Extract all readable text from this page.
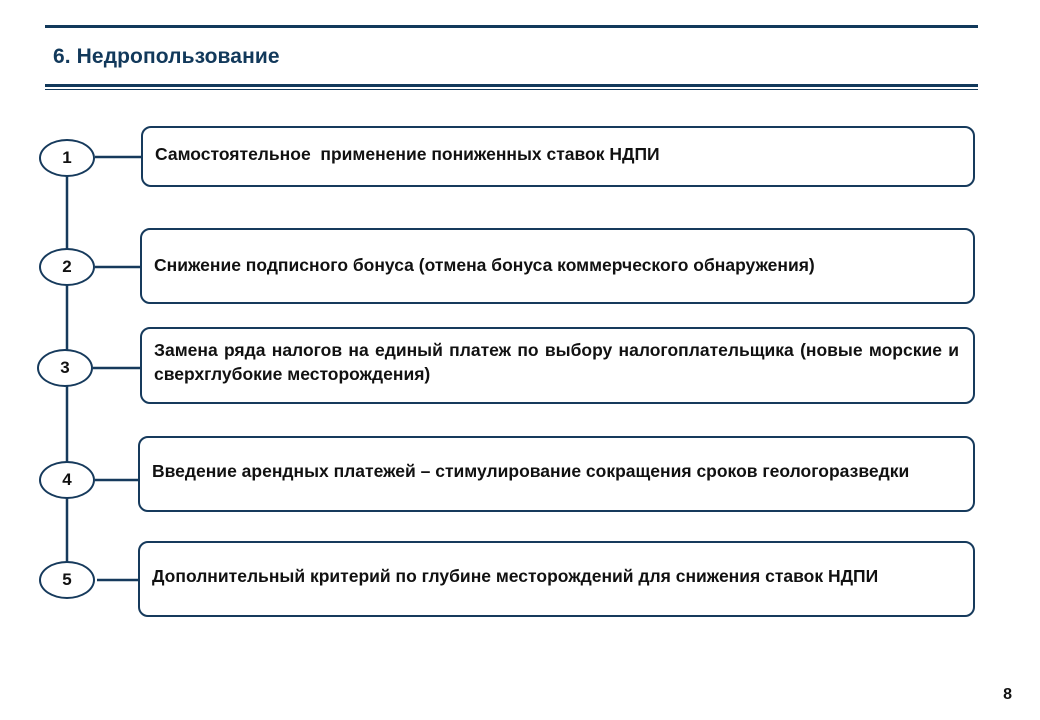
6. Недропользование
1	Самостоятельное  применение пониженных ставок НДПИ
2	Снижение подписного бонуса (отмена бонуса коммерческого обнаружения)
3
Замена ряда налогов на единый платеж по выбору налогоплательщика (новые морские и сверхглубокие месторождения)
4	Введение арендных платежей – стимулирование сокращения сроков геологоразведки
5	Дополнительный критерий по глубине месторождений для снижения ставок НДПИ
8
